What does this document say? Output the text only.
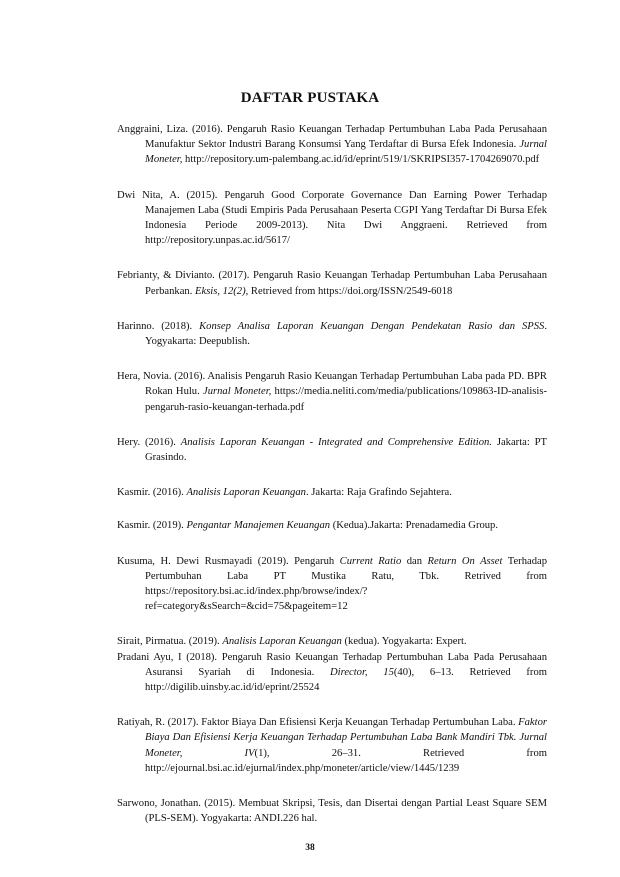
DAFTAR PUSTAKA

Anggraini, Liza. (2016). Pengaruh Rasio Keuangan Terhadap Pertumbuhan Laba Pada Perusahaan Manufaktur Sektor Industri Barang Konsumsi Yang Terdaftar di Bursa Efek Indonesia. Jurnal Moneter, http://repository.um-palembang.ac.id/id/eprint/519/1/SKRIPSI357-1704269070.pdf

Dwi Nita, A. (2015). Pengaruh Good Corporate Governance Dan Earning Power Terhadap Manajemen Laba (Studi Empiris Pada Perusahaan Peserta CGPI Yang Terdaftar Di Bursa Efek Indonesia Periode 2009-2013). Nita Dwi Anggraeni. Retrieved from http://repository.unpas.ac.id/5617/

Febrianty, & Divianto. (2017). Pengaruh Rasio Keuangan Terhadap Pertumbuhan Laba Perusahaan Perbankan. Eksis, 12(2), Retrieved from https://doi.org/ISSN/2549-6018

Harinno. (2018). Konsep Analisa Laporan Keuangan Dengan Pendekatan Rasio dan SPSS. Yogyakarta: Deepublish.

Hera, Novia. (2016). Analisis Pengaruh Rasio Keuangan Terhadap Pertumbuhan Laba pada PD. BPR Rokan Hulu. Jurnal Moneter, https://media.neliti.com/media/publications/109863-ID-analisis-pengaruh-rasio-keuangan-terhada.pdf

Hery. (2016). Analisis Laporan Keuangan - Integrated and Comprehensive Edition. Jakarta: PT Grasindo.

Kasmir. (2016). Analisis Laporan Keuangan. Jakarta: Raja Grafindo Sejahtera.

Kasmir. (2019). Pengantar Manajemen Keuangan (Kedua).Jakarta: Prenadamedia Group.

Kusuma, H. Dewi Rusmayadi (2019). Pengaruh Current Ratio dan Return On Asset Terhadap Pertumbuhan Laba PT Mustika Ratu, Tbk. Retrived from https://repository.bsi.ac.id/index.php/browse/index/?ref=category&sSearch=&cid=75&pageitem=12

Sirait, Pirmatua. (2019). Analisis Laporan Keuangan (kedua). Yogyakarta: Expert.

Pradani Ayu, I (2018). Pengaruh Rasio Keuangan Terhadap Pertumbuhan Laba Pada Perusahaan Asuransi Syariah di Indonesia. Director, 15(40), 6–13. Retrieved from http://digilib.uinsby.ac.id/id/eprint/25524

Ratiyah, R. (2017). Faktor Biaya Dan Efisiensi Kerja Keuangan Terhadap Pertumbuhan Laba. Faktor Biaya Dan Efisiensi Kerja Keuangan Terhadap Pertumbuhan Laba Bank Mandiri Tbk. Jurnal Moneter, IV(1), 26–31. Retrieved from http://ejournal.bsi.ac.id/ejurnal/index.php/moneter/article/view/1445/1239

Sarwono, Jonathan. (2015). Membuat Skripsi, Tesis, dan Disertai dengan Partial Least Square SEM (PLS-SEM). Yogyakarta: ANDI.226 hal.

38
